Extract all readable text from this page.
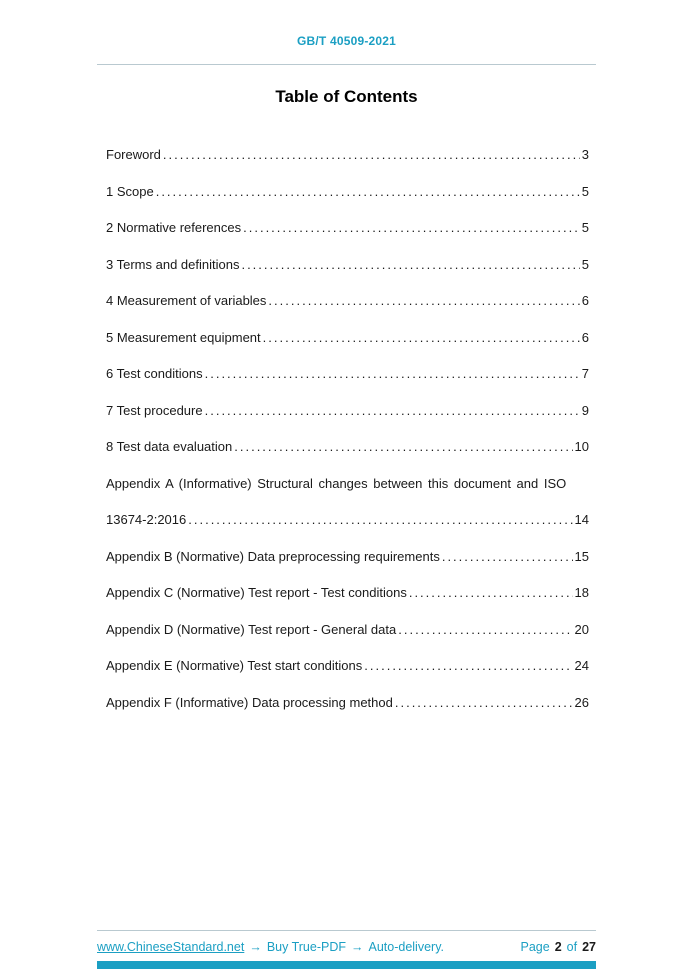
GB/T 40509-2021
Table of Contents
Foreword .....	3
1 Scope .....	5
2 Normative references .....	5
3 Terms and definitions .....	5
4 Measurement of variables .....	6
5 Measurement equipment .....	6
6 Test conditions .....	7
7 Test procedure .....	9
8 Test data evaluation .....	10
Appendix A (Informative) Structural changes between this document and ISO
13674-2:2016 .....	14
Appendix B (Normative) Data preprocessing requirements .....	15
Appendix C (Normative) Test report - Test conditions .....	18
Appendix D (Normative) Test report - General data .....	20
Appendix E (Normative) Test start conditions .....	24
Appendix F (Informative) Data processing method .....	26
www.ChineseStandard.net → Buy True-PDF → Auto-delivery.	Page 2 of 27
